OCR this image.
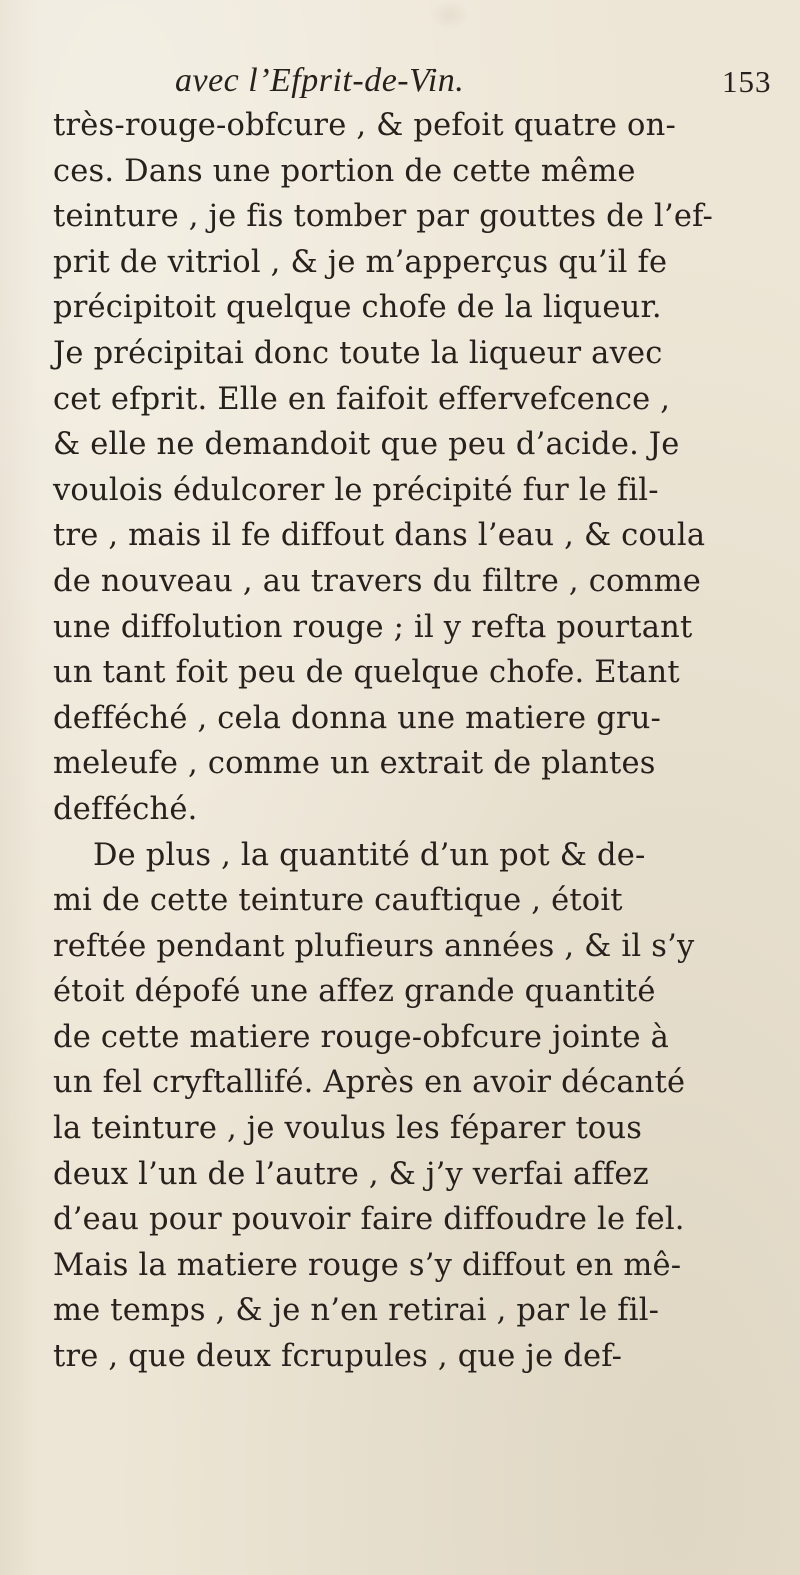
avec l’Efprit-de-Vin.	153
très-rouge-obfcure , & pefoit quatre on-
ces. Dans une portion de cette même
teinture , je fis tomber par gouttes de l’ef-
prit de vitriol , & je m’apperçus qu’il fe
précipitoit quelque chofe de la liqueur.
Je précipitai donc toute la liqueur avec
cet efprit. Elle en faifoit effervefcence ,
& elle ne demandoit que peu d’acide. Je
voulois édulcorer le précipité fur le fil-
tre , mais il fe diffout dans l’eau , & coula
de nouveau , au travers du filtre , comme
une diffolution rouge ; il y refta pourtant
un tant foit peu de quelque chofe. Etant
defféché , cela donna une matiere gru-
meleufe , comme un extrait de plantes
defféché.
De plus , la quantité d’un pot & de-
mi de cette teinture cauftique , étoit
reftée pendant plufieurs années , & il s’y
étoit dépofé une affez grande quantité
de cette matiere rouge-obfcure jointe à
un fel cryftallifé. Après en avoir décanté
la teinture , je voulus les féparer tous
deux l’un de l’autre , & j’y verfai affez
d’eau pour pouvoir faire diffoudre le fel.
Mais la matiere rouge s’y diffout en mê-
me temps , & je n’en retirai , par le fil-
tre , que deux fcrupules , que je def-
